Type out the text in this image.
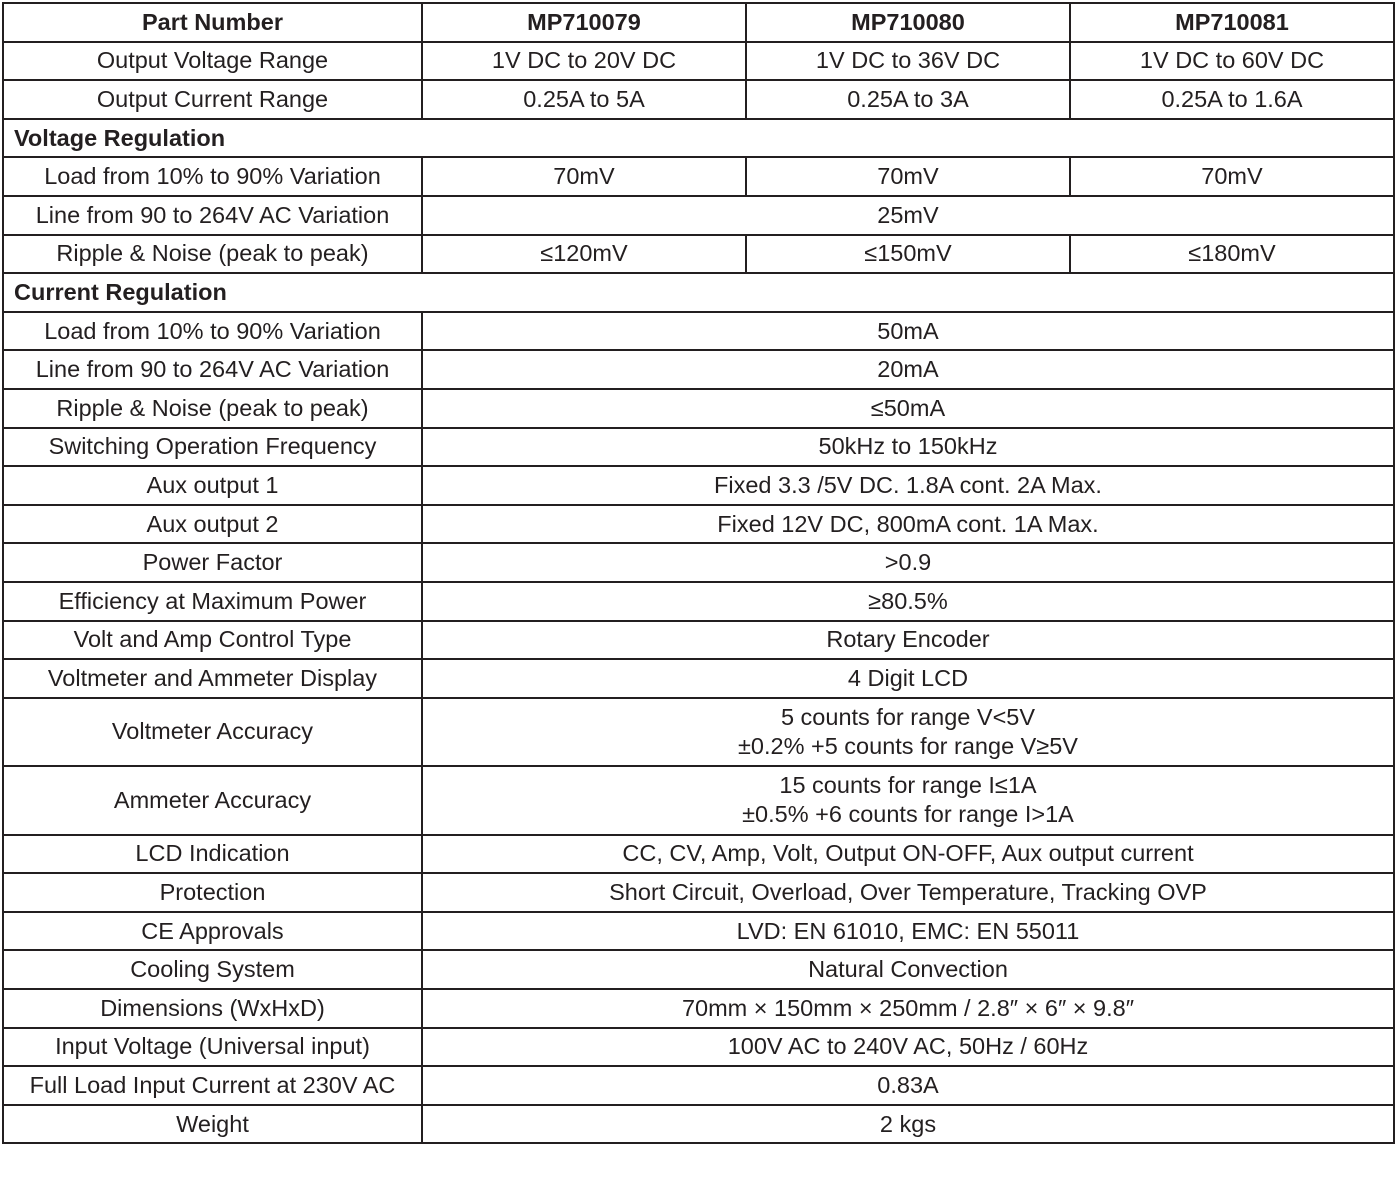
Part Number	MP710079	MP710080	MP710081
Output Voltage Range	1V DC to 20V DC	1V DC to 36V DC	1V DC to 60V DC
Output Current Range	0.25A to 5A	0.25A to 3A	0.25A to 1.6A
Voltage Regulation			
Load from 10% to 90% Variation	70mV	70mV	70mV
Line from 90 to 264V AC Variation	25mV		
Ripple & Noise (peak to peak)	≤120mV	≤150mV	≤180mV
Current Regulation			
Load from 10% to 90% Variation	50mA		
Line from 90 to 264V AC Variation	20mA		
Ripple & Noise (peak to peak)	≤50mA		
Switching Operation Frequency	50kHz to 150kHz		
Aux output 1	Fixed 3.3 /5V DC. 1.8A cont. 2A Max.		
Aux output 2	Fixed 12V DC, 800mA cont. 1A Max.		
Power Factor	>0.9		
Efficiency at Maximum Power	≥80.5%		
Volt and Amp Control Type	Rotary Encoder		
Voltmeter and Ammeter Display	4 Digit LCD		
Voltmeter Accuracy	5 counts for range V<5V
±0.2% +5 counts for range V≥5V		

Ammeter Accuracy	15 counts for range I≤1A
±0.5% +6 counts for range I>1A		

LCD Indication	CC, CV, Amp, Volt, Output ON-OFF, Aux output current		
Protection	Short Circuit, Overload, Over Temperature, Tracking OVP		
CE Approvals	LVD: EN 61010, EMC: EN 55011		
Cooling System	Natural Convection		
Dimensions (WxHxD)	70mm × 150mm × 250mm / 2.8″ × 6″ × 9.8″		
Input Voltage (Universal input)	100V AC to 240V AC, 50Hz / 60Hz		
Full Load Input Current at 230V AC	0.83A		
Weight	2 kgs		
